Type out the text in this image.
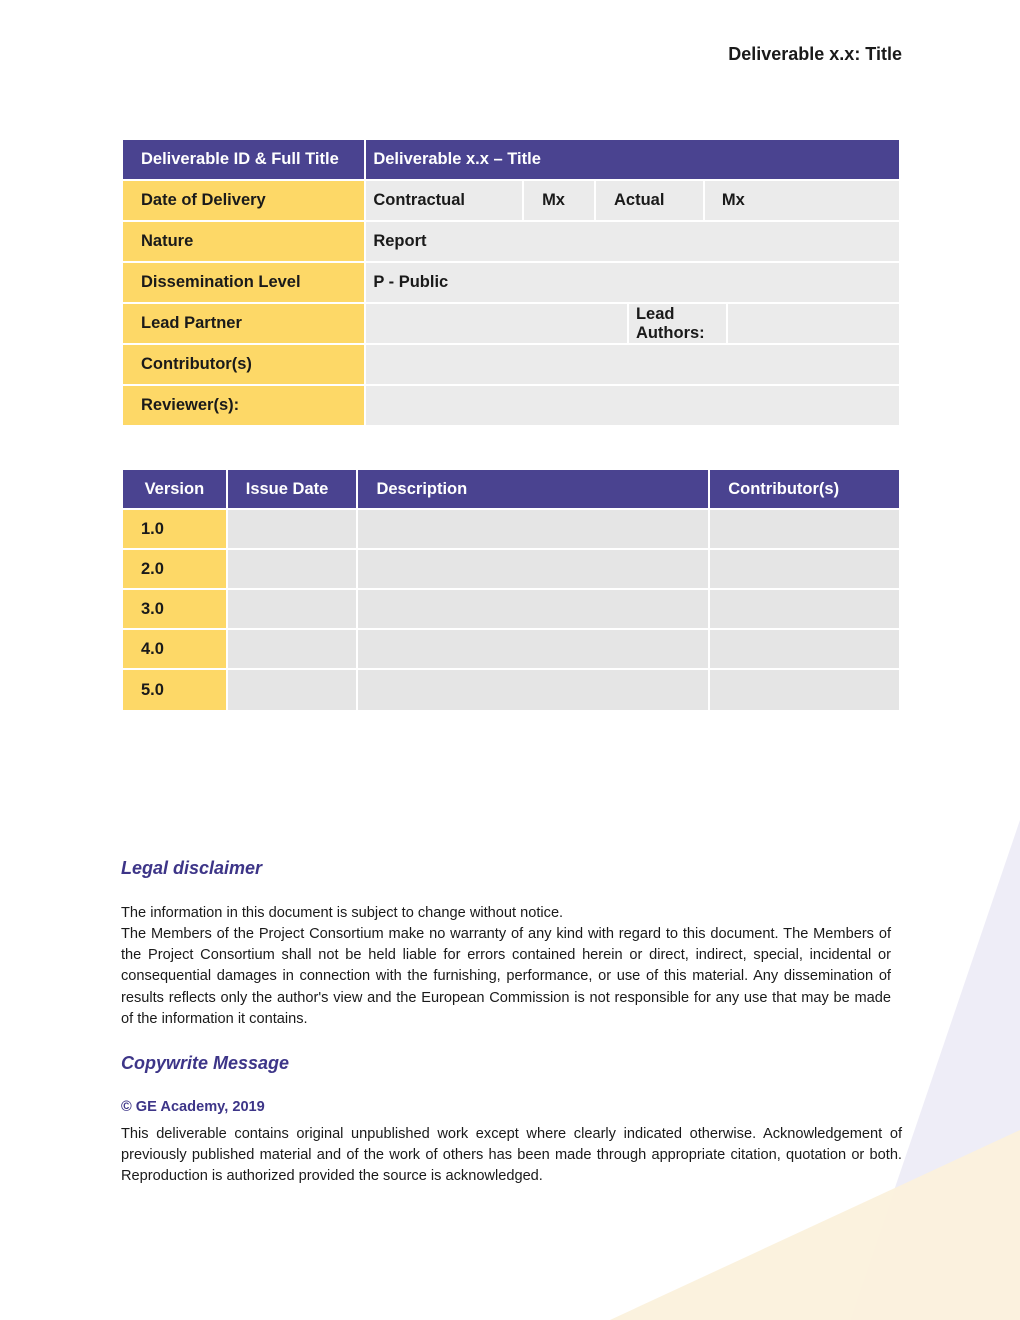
Deliverable x.x: Title
Deliverable ID & Full Title	Deliverable x.x – Title					
Date of Delivery	Contractual	Mx	Actual		Mx	
Nature	Report					
Dissemination Level	P - Public					
Lead Partner				Lead Authors:		
Contributor(s)						
Reviewer(s):						
Version	Issue Date	Description	Contributor(s)
1.0			
2.0			
3.0			
4.0			
5.0			
Legal disclaimer

The information in this document is subject to change without notice.

The Members of the Project Consortium make no warranty of any kind with regard to this document. The Members of the Project Consortium shall not be held liable for errors contained herein or direct, indirect, special, incidental or consequential damages in connection with the furnishing, performance, or use of this material. Any dissemination of results reflects only the author's view and the European Commission is not responsible for any use that may be made of the information it contains.

Copywrite Message
© GE Academy, 2019

This deliverable contains original unpublished work except where clearly indicated otherwise. Acknowledgement of previously published material and of the work of others has been made through appropriate citation, quotation or both. Reproduction is authorized provided the source is acknowledged.
